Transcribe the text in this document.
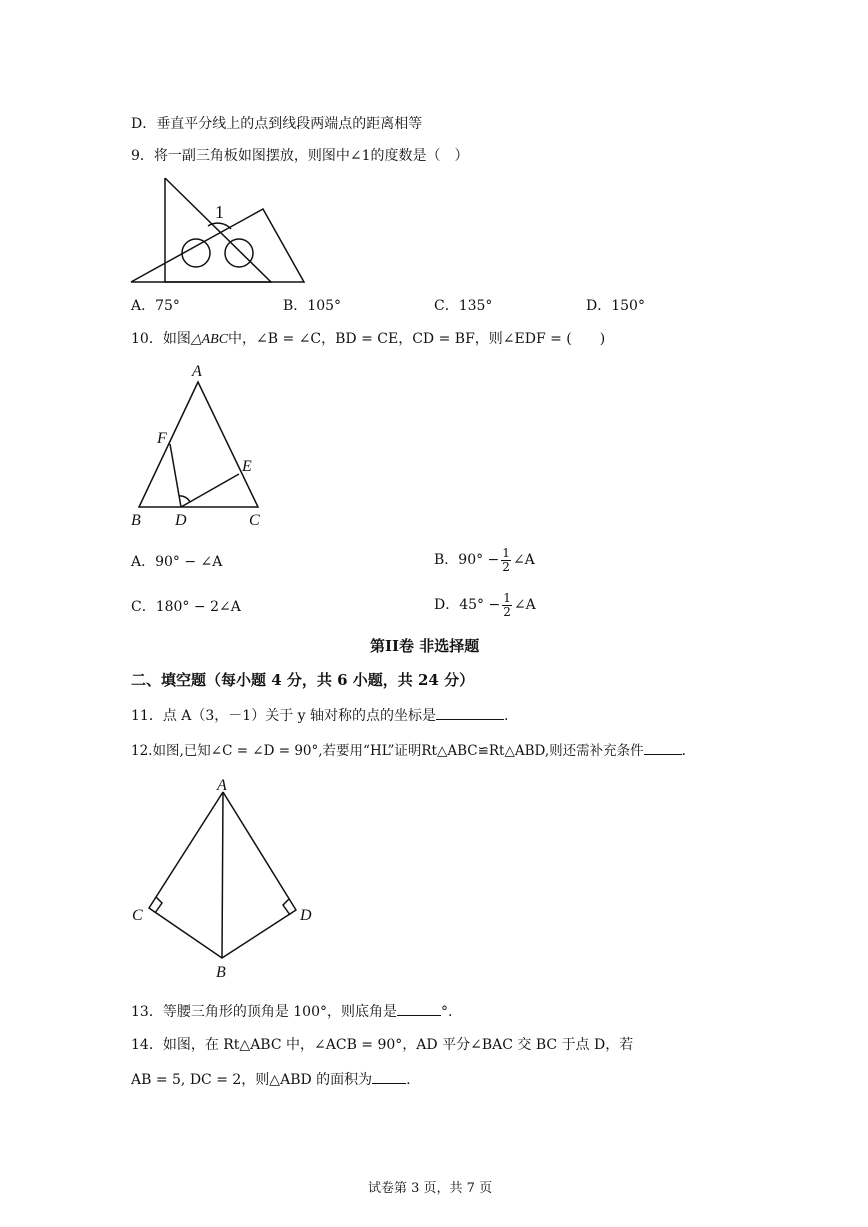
D．垂直平分线上的点到线段两端点的距离相等
9．将一副三角板如图摆放，则图中∠1的度数是（　）
1
A．75°	B．105°	C．135°	D．150°
10．如图△ABC中，∠B = ∠C，BD = CE，CD = BF，则∠EDF = (　　)
A
B	C
D
E
F
A．90° − ∠A	B．$90^\circ - \frac{1}{2}$ ∠A
C．180° − 2∠A	D．$45^\circ - \frac{1}{2}$ ∠A
第II卷 非选择题
二、填空题（每小题 4 分，共 6 小题，共 24 分）
11．点 A（3，－1）关于 y 轴对称的点的坐标是	.
12.如图,已知∠C = ∠D = 90°,若要用“HL”证明Rt△ABC≌Rt△ABD,则还需补充条件	.
A
B
C	D
13．等腰三角形的顶角是 100°，则底角是	°.
14．如图，在 Rt△ABC 中，∠ACB = 90°，AD 平分∠BAC 交 BC 于点 D，若
AB = 5, DC = 2，则△ABD 的面积为 .
试卷第 3 页，共 7 页
